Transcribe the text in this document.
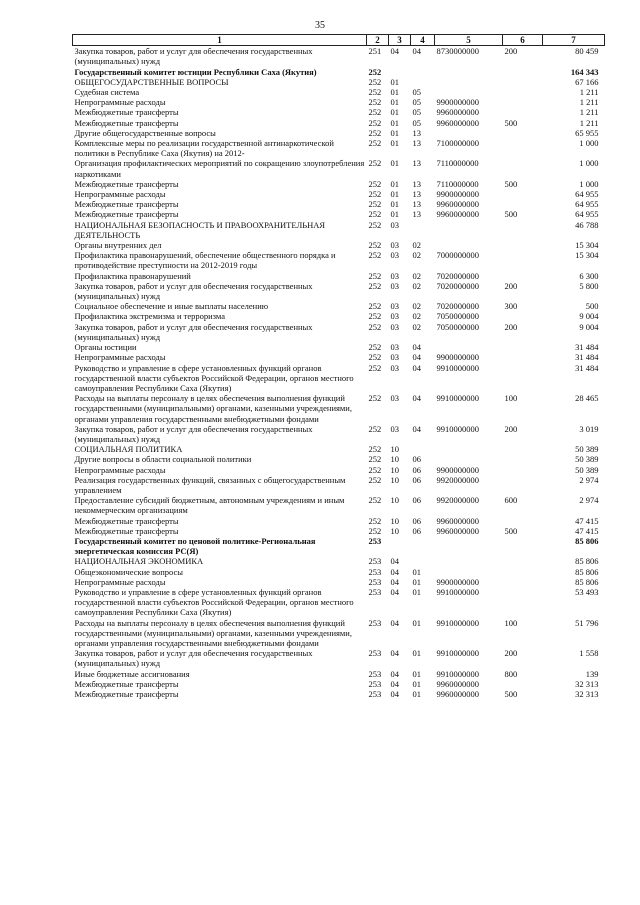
35
1	2	3	4	5	6	7
Закупка товаров, работ и услуг для обеспечения государственных (муниципальных) нужд	251	04	04	8730000000	200	80 459
Государственный комитет юстиции Республики Саха (Якутия)	252					164 343
ОБЩЕГОСУДАРСТВЕННЫЕ ВОПРОСЫ	252	01				67 166
Судебная система	252	01	05			1 211
Непрограммные расходы	252	01	05	9900000000		1 211
Межбюджетные трансферты	252	01	05	9960000000		1 211
Межбюджетные трансферты	252	01	05	9960000000	500	1 211
Другие общегосударственные вопросы	252	01	13			65 955
Комплексные меры по реализации государственной антинаркотической политики в Республике Саха (Якутия) на 2012-	252	01	13	7100000000		1 000
Организация профилактических мероприятий по сокращению злоупотребления наркотиками	252	01	13	7110000000		1 000
Межбюджетные трансферты	252	01	13	7110000000	500	1 000
Непрограммные расходы	252	01	13	9900000000		64 955
Межбюджетные трансферты	252	01	13	9960000000		64 955
Межбюджетные трансферты	252	01	13	9960000000	500	64 955
НАЦИОНАЛЬНАЯ БЕЗОПАСНОСТЬ И ПРАВООХРАНИТЕЛЬНАЯ ДЕЯТЕЛЬНОСТЬ	252	03				46 788
Органы внутренних дел	252	03	02			15 304
Профилактика правонарушений, обеспечение общественного порядка и противодействие преступности на 2012-2019 годы	252	03	02	7000000000		15 304
Профилактика правонарушений	252	03	02	7020000000		6 300
Закупка товаров, работ и услуг для обеспечения государственных (муниципальных) нужд	252	03	02	7020000000	200	5 800
Социальное обеспечение и иные выплаты населению	252	03	02	7020000000	300	500
Профилактика экстремизма и терроризма	252	03	02	7050000000		9 004
Закупка товаров, работ и услуг для обеспечения государственных (муниципальных) нужд	252	03	02	7050000000	200	9 004
Органы юстиции	252	03	04			31 484
Непрограммные расходы	252	03	04	9900000000		31 484
Руководство и управление в сфере установленных функций органов государственной власти субъектов Российской Федерации, органов местного самоуправления Республики Саха (Якутия)	252	03	04	9910000000		31 484
Расходы на выплаты персоналу в целях обеспечения выполнения функций государственными (муниципальными) органами, казенными учреждениями, органами управления государственными внебюджетными фондами	252	03	04	9910000000	100	28 465
Закупка товаров, работ и услуг для обеспечения государственных (муниципальных) нужд	252	03	04	9910000000	200	3 019
СОЦИАЛЬНАЯ ПОЛИТИКА	252	10				50 389
Другие вопросы в области социальной политики	252	10	06			50 389
Непрограммные расходы	252	10	06	9900000000		50 389
Реализация государственных функций, связанных с общегосударственным управлением	252	10	06	9920000000		2 974
Предоставление субсидий бюджетным, автономным учреждениям и иным некоммерческим организациям	252	10	06	9920000000	600	2 974
Межбюджетные трансферты	252	10	06	9960000000		47 415
Межбюджетные трансферты	252	10	06	9960000000	500	47 415
Государственный комитет по ценовой политике-Региональная энергетическая комиссия РС(Я)	253					85 806
НАЦИОНАЛЬНАЯ ЭКОНОМИКА	253	04				85 806
Общеэкономические вопросы	253	04	01			85 806
Непрограммные расходы	253	04	01	9900000000		85 806
Руководство и управление в сфере установленных функций органов государственной власти субъектов Российской Федерации, органов местного самоуправления Республики Саха (Якутия)	253	04	01	9910000000		53 493
Расходы на выплаты персоналу в целях обеспечения выполнения функций государственными (муниципальными) органами, казенными учреждениями, органами управления государственными внебюджетными фондами	253	04	01	9910000000	100	51 796
Закупка товаров, работ и услуг для обеспечения государственных (муниципальных) нужд	253	04	01	9910000000	200	1 558
Иные бюджетные ассигнования	253	04	01	9910000000	800	139
Межбюджетные трансферты	253	04	01	9960000000		32 313
Межбюджетные трансферты	253	04	01	9960000000	500	32 313
